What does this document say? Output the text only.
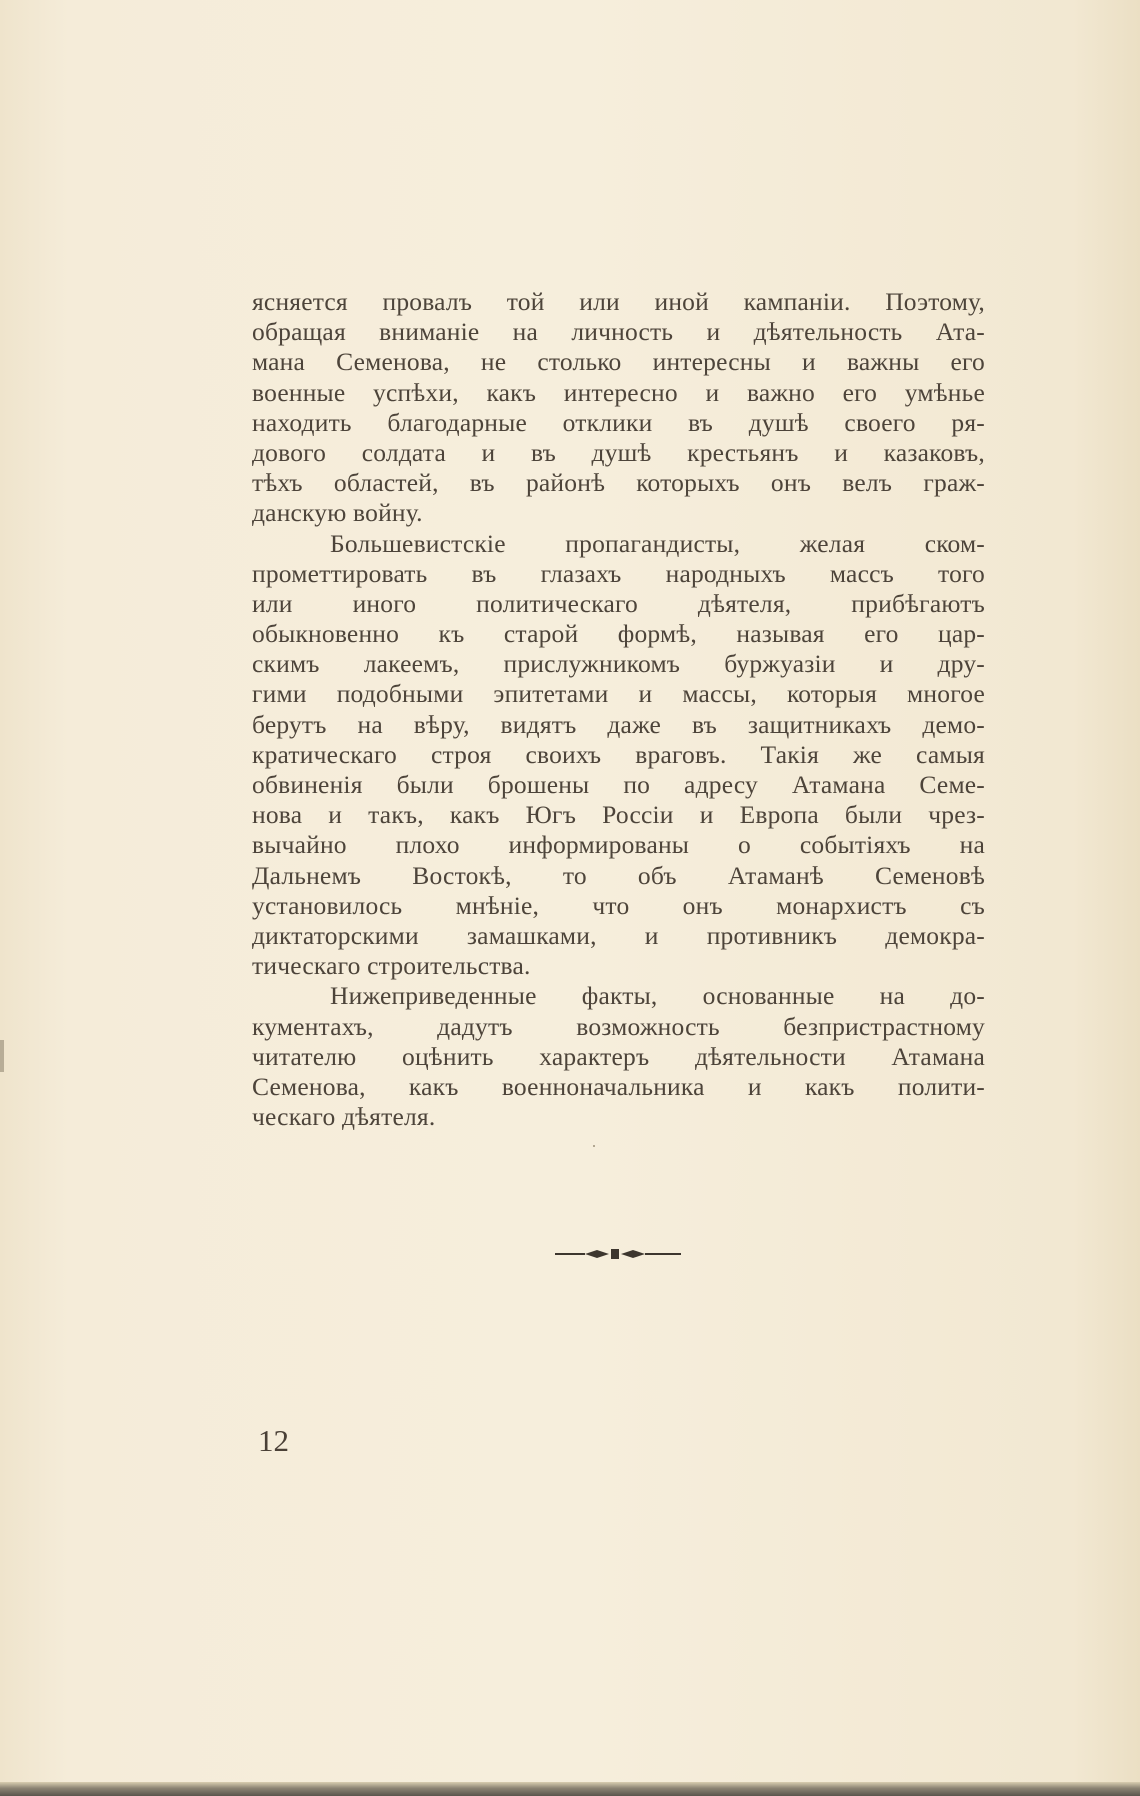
ясняется провалъ той или иной кампанiи. Поэтому,
обращая вниманiе на личность и дѣятельность Ата-
мана Семенова, не столько интересны и важны его
военные успѣхи, какъ интересно и важно его умѣнье
находить благодарные отклики въ душѣ своего ря-
дового солдата и въ душѣ крестьянъ и казаковъ,
тѣхъ областей, въ районѣ которыхъ онъ велъ граж-
данскую войну.
Большевистскiе пропагандисты, желая ском-
прометтировать въ глазахъ народныхъ массъ того
или иного политическаго дѣятеля, прибѣгаютъ
обыкновенно къ старой формѣ, называя его цар-
скимъ лакеемъ, прислужникомъ буржуазiи и дру-
гими подобными эпитетами и массы, которыя многое
берутъ на вѣру, видятъ даже въ защитникахъ демо-
кратическаго строя своихъ враговъ. Такiя же самыя
обвиненiя были брошены по адресу Атамана Семе-
нова и такъ, какъ Югъ Россiи и Европа были чрез-
вычайно плохо информированы о событiяхъ на
Дальнемъ Востокѣ, то объ Атаманѣ Семеновѣ
установилось мнѣнiе, что онъ монархистъ съ
диктаторскими замашками, и противникъ демокра-
тическаго строительства.
Нижеприведенные факты, основанные на до-
кументахъ, дадутъ возможность безпристрастному
читателю оцѣнить характеръ дѣятельности Атамана
Семенова, какъ военноначальника и какъ полити-
ческаго дѣятеля.
12
